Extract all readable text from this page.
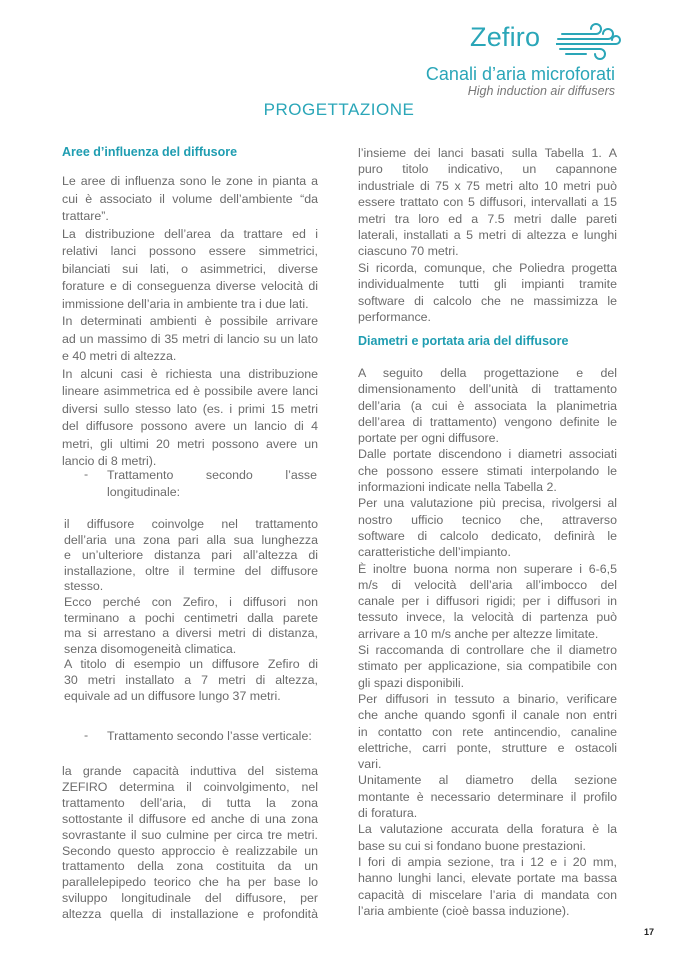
Zefiro
Canali d’aria microforati
High induction air diffusers
PROGETTAZIONE
Aree d’influenza del diffusore
Le aree di influenza sono le zone in pianta a
cui è associato il volume dell’ambiente “da
trattare”.
La distribuzione dell’area da trattare ed i
relativi lanci possono essere simmetrici,
bilanciati sui lati, o asimmetrici, diverse
forature e di conseguenza diverse velocità di
immissione dell’aria in ambiente tra i due lati.
In determinati ambienti è possibile arrivare
ad un massimo di 35 metri di lancio su un lato
e 40 metri di altezza.
In alcuni casi è richiesta una distribuzione
lineare asimmetrica ed è possibile avere lanci
diversi sullo stesso lato (es. i primi 15 metri
del diffusore possono avere un lancio di 4
metri, gli ultimi 20 metri possono avere un
lancio di 8 metri).
- Trattamento secondo l’asse
longitudinale:
il diffusore coinvolge nel trattamento
dell’aria una zona pari alla sua lunghezza
e un’ulteriore distanza pari all’altezza di
installazione, oltre il termine del diffusore
stesso.
Ecco perché con Zefiro, i diffusori non
terminano a pochi centimetri dalla parete
ma si arrestano a diversi metri di distanza,
senza disomogeneità climatica.
A titolo di esempio un diffusore Zefiro di
30 metri installato a 7 metri di altezza,
equivale ad un diffusore lungo 37 metri.
- Trattamento secondo l’asse verticale:
la grande capacità induttiva del sistema
ZEFIRO determina il coinvolgimento, nel
trattamento dell’aria, di tutta la zona
sottostante il diffusore ed anche di una zona
sovrastante il suo culmine per circa tre metri.
Secondo questo approccio è realizzabile un
trattamento della zona costituita da un
parallelepipedo teorico che ha per base lo
sviluppo longitudinale del diffusore, per
altezza quella di installazione e profondità
l’insieme dei lanci basati sulla Tabella 1. A
puro titolo indicativo, un capannone
industriale di 75 x 75 metri alto 10 metri può
essere trattato con 5 diffusori, intervallati a 15
metri tra loro ed a 7.5 metri dalle pareti
laterali, installati a 5 metri di altezza e lunghi
ciascuno 70 metri.
Si ricorda, comunque, che Poliedra progetta
individualmente tutti gli impianti tramite
software di calcolo che ne massimizza le
performance.
Diametri e portata aria del diffusore
A seguito della progettazione e del
dimensionamento dell’unità di trattamento
dell’aria (a cui è associata la planimetria
dell’area di trattamento) vengono definite le
portate per ogni diffusore.
Dalle portate discendono i diametri associati
che possono essere stimati interpolando le
informazioni indicate nella Tabella 2.
Per una valutazione più precisa, rivolgersi al
nostro ufficio tecnico che, attraverso
software di calcolo dedicato, definirà le
caratteristiche dell’impianto.
È inoltre buona norma non superare i 6-6,5
m/s di velocità dell’aria all’imbocco del
canale per i diffusori rigidi; per i diffusori in
tessuto invece, la velocità di partenza può
arrivare a 10 m/s anche per altezze limitate.
Si raccomanda di controllare che il diametro
stimato per applicazione, sia compatibile con
gli spazi disponibili.
Per diffusori in tessuto a binario, verificare
che anche quando sgonfi il canale non entri
in contatto con rete antincendio, canaline
elettriche, carri ponte, strutture e ostacoli
vari.
Unitamente al diametro della sezione
montante è necessario determinare il profilo
di foratura.
La valutazione accurata della foratura è la
base su cui si fondano buone prestazioni.
I fori di ampia sezione, tra i 12 e i 20 mm,
hanno lunghi lanci, elevate portate ma bassa
capacità di miscelare l’aria di mandata con
l’aria ambiente (cioè bassa induzione).
17
